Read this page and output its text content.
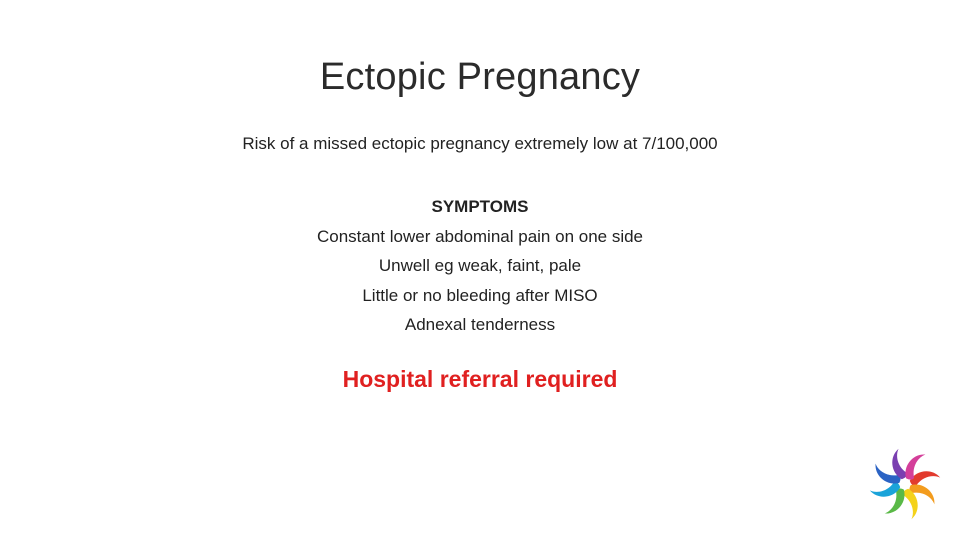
Ectopic Pregnancy
Risk of a missed ectopic pregnancy extremely low at 7/100,000
SYMPTOMS
Constant lower abdominal pain on one side
Unwell eg weak, faint, pale
Little or no bleeding after MISO
Adnexal tenderness
Hospital referral required
